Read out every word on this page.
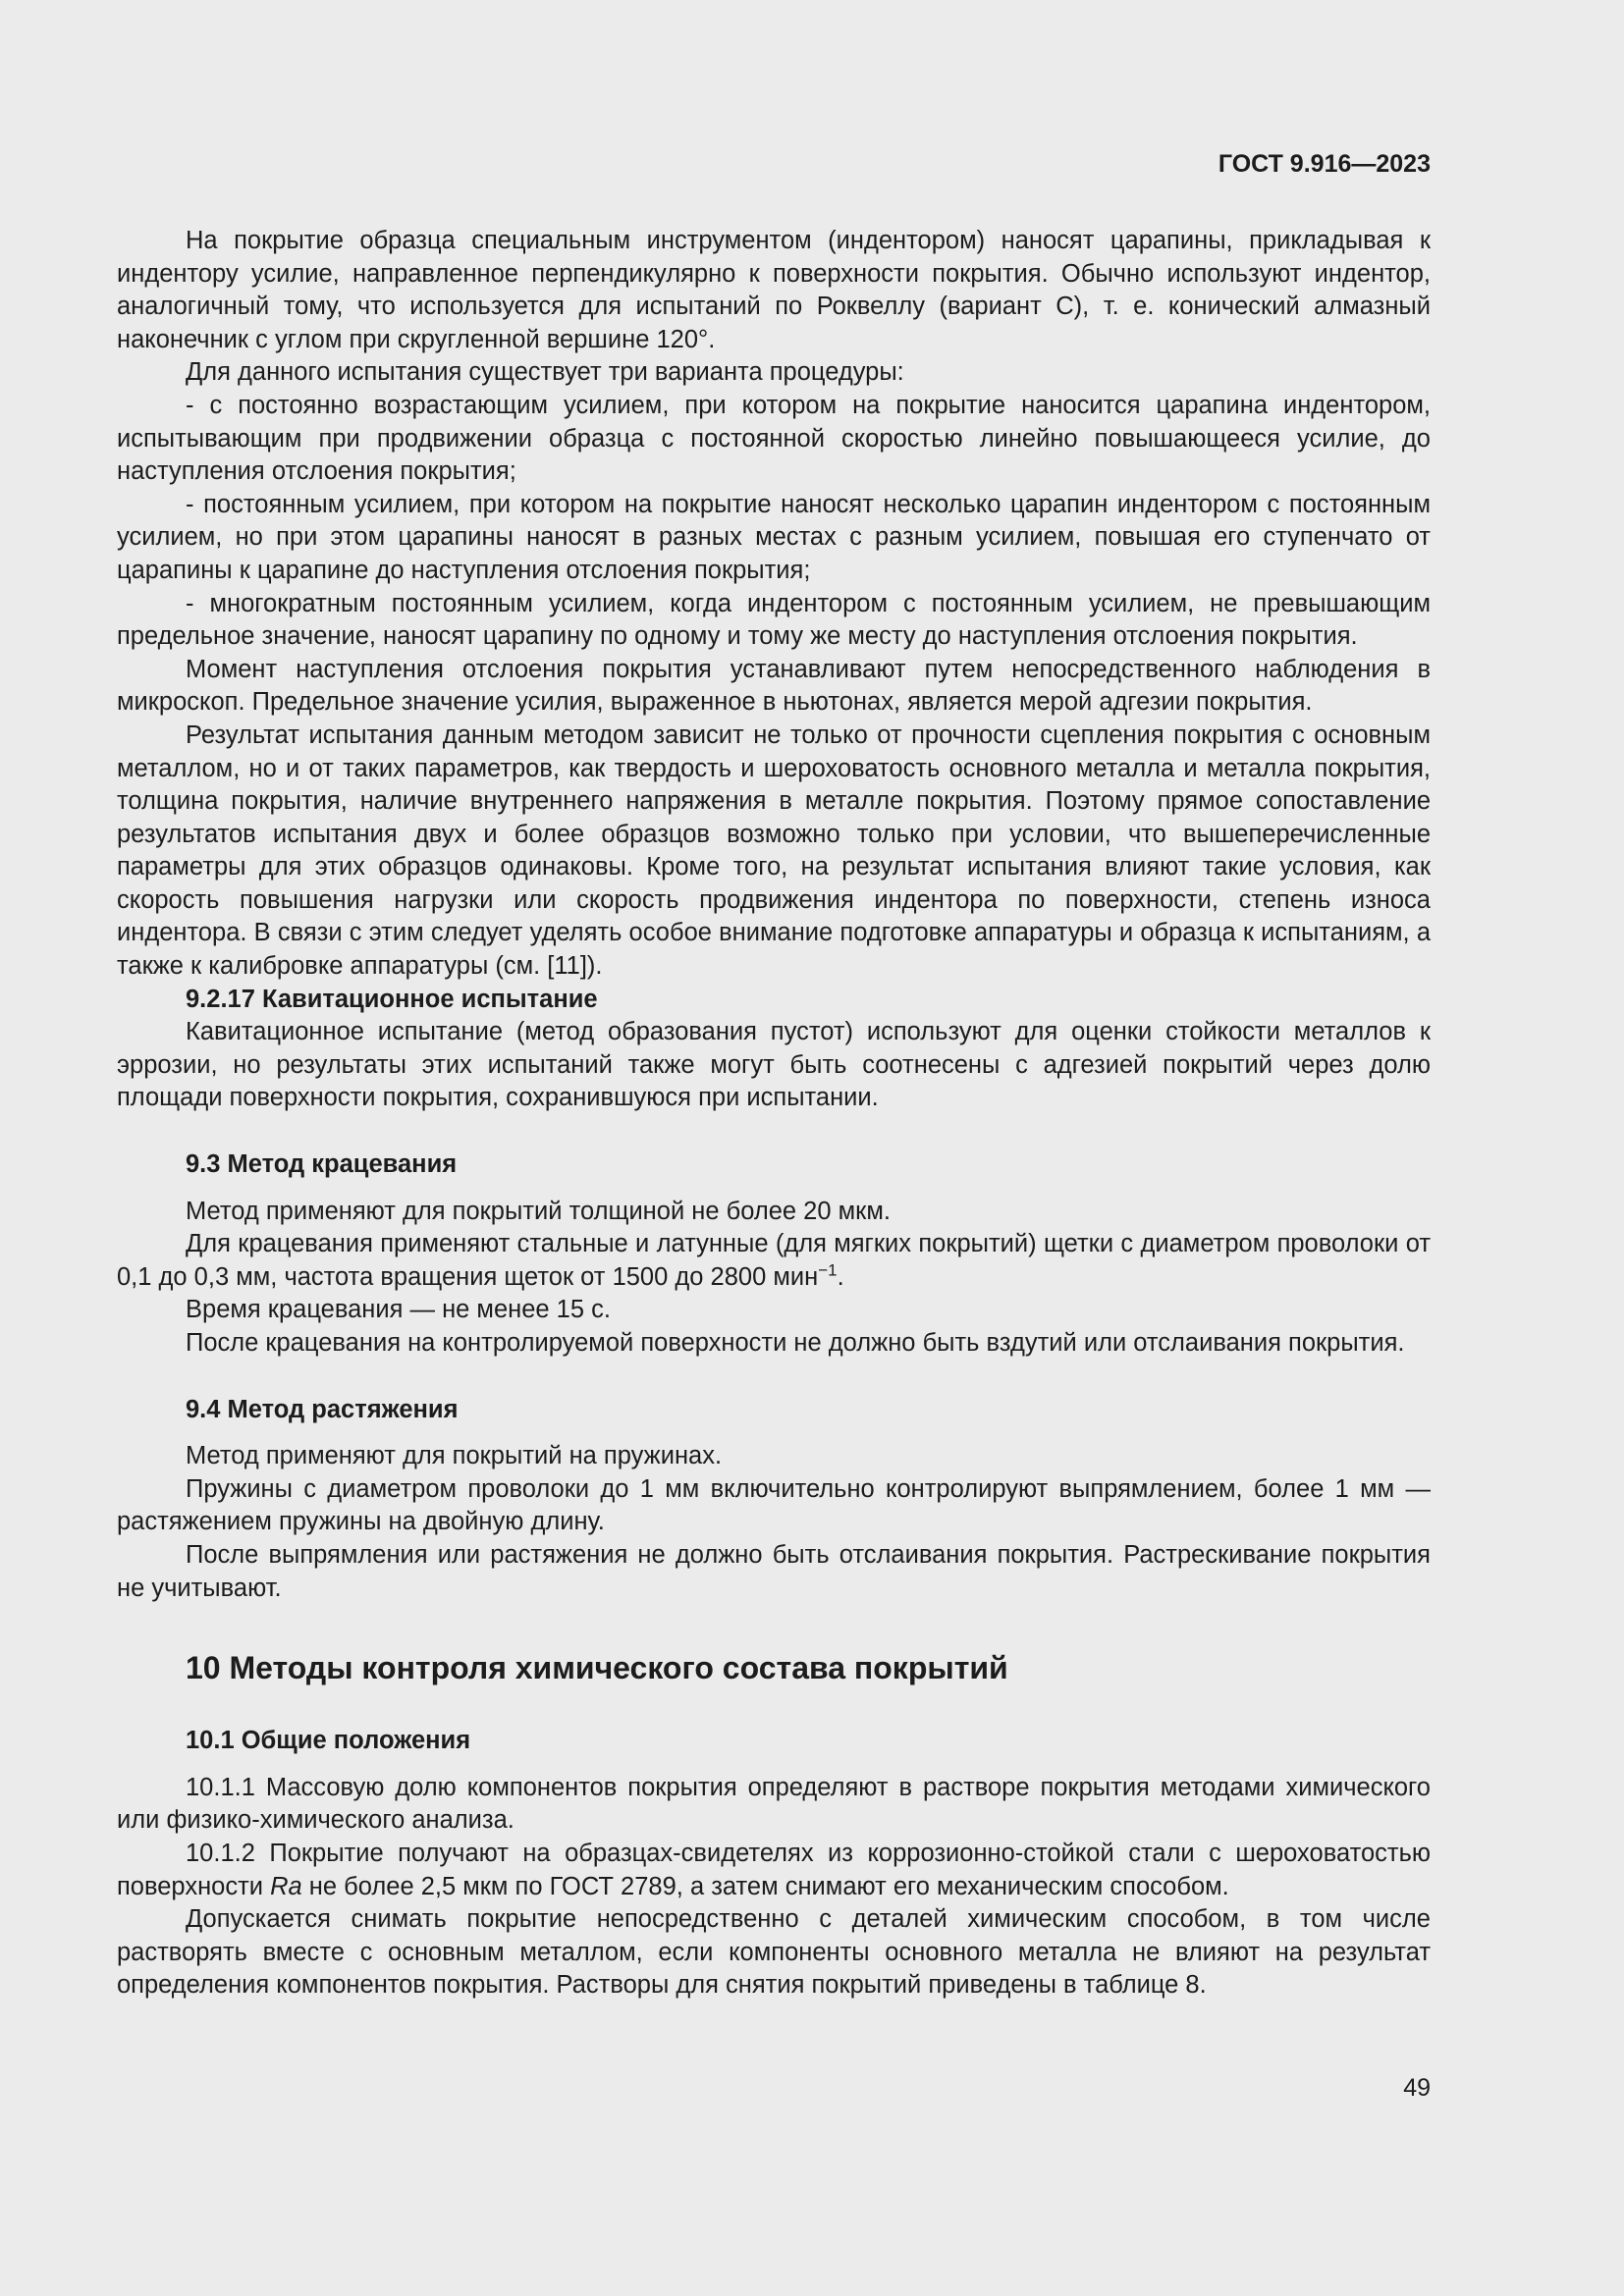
ГОСТ 9.916—2023

На покрытие образца специальным инструментом (индентором) наносят царапины, прикладывая к индентору усилие, направленное перпендикулярно к поверхности покрытия. Обычно используют индентор, аналогичный тому, что используется для испытаний по Роквеллу (вариант С), т. е. конический алмазный наконечник с углом при скругленной вершине 120°.

Для данного испытания существует три варианта процедуры:

- с постоянно возрастающим усилием, при котором на покрытие наносится царапина индентором, испытывающим при продвижении образца с постоянной скоростью линейно повышающееся усилие, до наступления отслоения покрытия;

- постоянным усилием, при котором на покрытие наносят несколько царапин индентором с постоянным усилием, но при этом царапины наносят в разных местах с разным усилием, повышая его ступенчато от царапины к царапине до наступления отслоения покрытия;

- многократным постоянным усилием, когда индентором с постоянным усилием, не превышающим предельное значение, наносят царапину по одному и тому же месту до наступления отслоения покрытия.

Момент наступления отслоения покрытия устанавливают путем непосредственного наблюдения в микроскоп. Предельное значение усилия, выраженное в ньютонах, является мерой адгезии покрытия.

Результат испытания данным методом зависит не только от прочности сцепления покрытия с основным металлом, но и от таких параметров, как твердость и шероховатость основного металла и металла покрытия, толщина покрытия, наличие внутреннего напряжения в металле покрытия. Поэтому прямое сопоставление результатов испытания двух и более образцов возможно только при условии, что вышеперечисленные параметры для этих образцов одинаковы. Кроме того, на результат испытания влияют такие условия, как скорость повышения нагрузки или скорость продвижения индентора по поверхности, степень износа индентора. В связи с этим следует уделять особое внимание подготовке аппаратуры и образца к испытаниям, а также к калибровке аппаратуры (см. [11]).

9.2.17 Кавитационное испытание

Кавитационное испытание (метод образования пустот) используют для оценки стойкости металлов к эррозии, но результаты этих испытаний также могут быть соотнесены с адгезией покрытий через долю площади поверхности покрытия, сохранившуюся при испытании.

9.3 Метод крацевания

Метод применяют для покрытий толщиной не более 20 мкм.

Для крацевания применяют стальные и латунные (для мягких покрытий) щетки с диаметром проволоки от 0,1 до 0,3 мм, частота вращения щеток от 1500 до 2800 мин$^{-1}$.

Время крацевания — не менее 15 с.

После крацевания на контролируемой поверхности не должно быть вздутий или отслаивания покрытия.

9.4 Метод растяжения

Метод применяют для покрытий на пружинах.

Пружины с диаметром проволоки до 1 мм включительно контролируют выпрямлением, более 1 мм — растяжением пружины на двойную длину.

После выпрямления или растяжения не должно быть отслаивания покрытия. Растрескивание покрытия не учитывают.

10 Методы контроля химического состава покрытий
10.1 Общие положения

10.1.1 Массовую долю компонентов покрытия определяют в растворе покрытия методами химического или физико-химического анализа.

10.1.2 Покрытие получают на образцах-свидетелях из коррозионно-стойкой стали с шероховатостью поверхности Ra не более 2,5 мкм по ГОСТ 2789, а затем снимают его механическим способом.

Допускается снимать покрытие непосредственно с деталей химическим способом, в том числе растворять вместе с основным металлом, если компоненты основного металла не влияют на результат определения компонентов покрытия. Растворы для снятия покрытий приведены в таблице 8.

49
